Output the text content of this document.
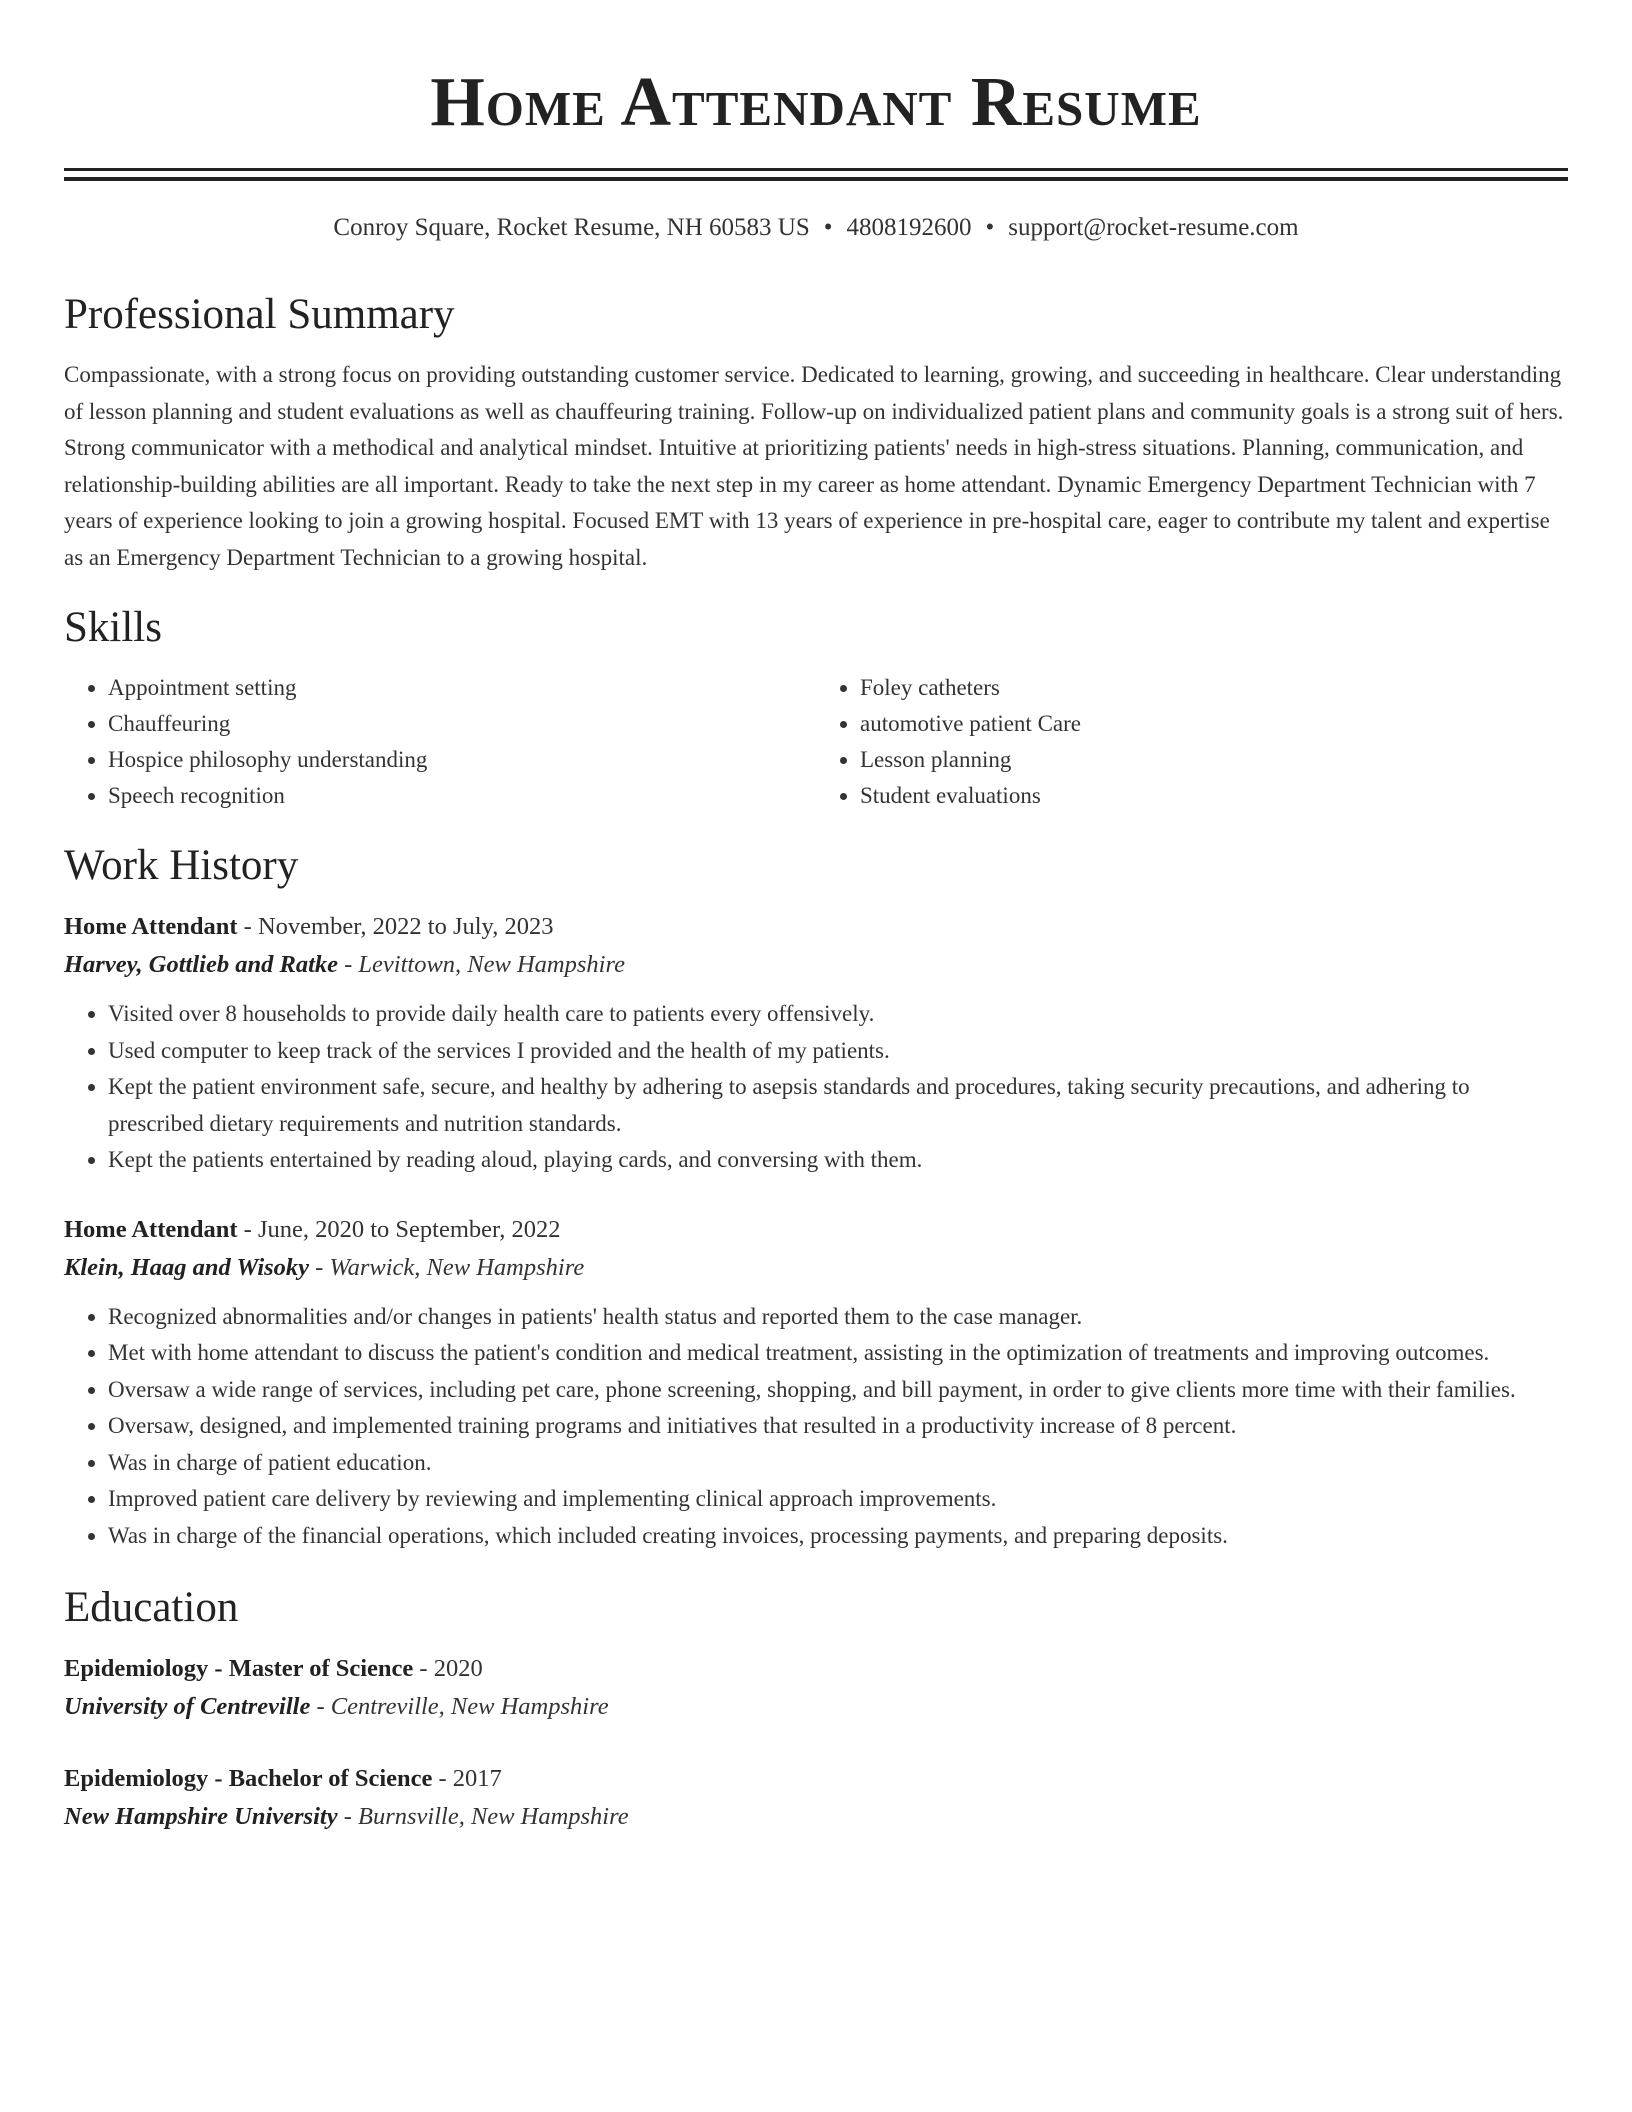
Home Attendant Resume
Conroy Square, Rocket Resume, NH 60583 US • 4808192600 • support@rocket-resume.com
Professional Summary

Compassionate, with a strong focus on providing outstanding customer service. Dedicated to learning, growing, and succeeding in healthcare. Clear understanding of lesson planning and student evaluations as well as chauffeuring training. Follow-up on individualized patient plans and community goals is a strong suit of hers. Strong communicator with a methodical and analytical mindset. Intuitive at prioritizing patients' needs in high-stress situations. Planning, communication, and relationship-building abilities are all important. Ready to take the next step in my career as home attendant. Dynamic Emergency Department Technician with 7 years of experience looking to join a growing hospital. Focused EMT with 13 years of experience in pre-hospital care, eager to contribute my talent and expertise as an Emergency Department Technician to a growing hospital.

Skills
• Appointment setting
• Chauffeuring
• Hospice philosophy understanding
• Speech recognition
• Foley catheters
• automotive patient Care
• Lesson planning
• Student evaluations
Work History
Home Attendant - November, 2022 to July, 2023
Harvey, Gottlieb and Ratke - Levittown, New Hampshire
• Visited over 8 households to provide daily health care to patients every offensively.
• Used computer to keep track of the services I provided and the health of my patients.
• Kept the patient environment safe, secure, and healthy by adhering to asepsis standards and procedures, taking security precautions, and adhering to prescribed dietary requirements and nutrition standards.
• Kept the patients entertained by reading aloud, playing cards, and conversing with them.
Home Attendant - June, 2020 to September, 2022
Klein, Haag and Wisoky - Warwick, New Hampshire
• Recognized abnormalities and/or changes in patients' health status and reported them to the case manager.
• Met with home attendant to discuss the patient's condition and medical treatment, assisting in the optimization of treatments and improving outcomes.
• Oversaw a wide range of services, including pet care, phone screening, shopping, and bill payment, in order to give clients more time with their families.
• Oversaw, designed, and implemented training programs and initiatives that resulted in a productivity increase of 8 percent.
• Was in charge of patient education.
• Improved patient care delivery by reviewing and implementing clinical approach improvements.
• Was in charge of the financial operations, which included creating invoices, processing payments, and preparing deposits.
Education
Epidemiology - Master of Science - 2020
University of Centreville - Centreville, New Hampshire
Epidemiology - Bachelor of Science - 2017
New Hampshire University - Burnsville, New Hampshire
